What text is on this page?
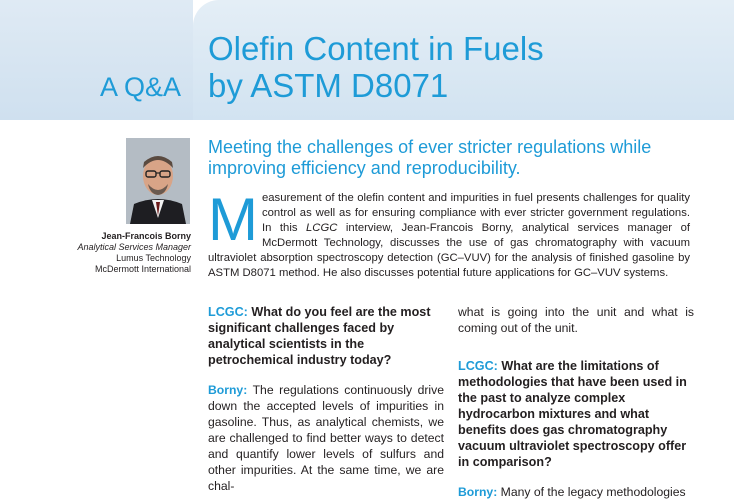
A Q&A
Olefin Content in Fuels
by ASTM D8071
Jean-Francois Borny
Analytical Services Manager
Lumus Technology
McDermott International
Meeting the challenges of ever stricter regulations while improving efficiency and reproducibility.

Measurement of the olefin content and impurities in fuel presents challenges for quality control as well as for ensuring compliance with ever stricter government regulations. In this LCGC interview, Jean-Francois Borny, analytical services manager of McDermott Technology, discusses the use of gas chromatography with vacuum ultraviolet absorption spectroscopy detection (GC–VUV) for the analysis of finished gasoline by ASTM D8071 method. He also discusses potential future applications for GC–VUV systems.

LCGC: What do you feel are the most significant challenges faced by analytical scientists in the petrochemical industry today?

Borny: The regulations continuously drive down the accepted levels of impurities in gasoline. Thus, as analytical chemists, we are challenged to find better ways to detect and quantify lower levels of sulfurs and other impurities. At the same time, we are chal-

what is going into the unit and what is coming out of the unit.

LCGC: What are the limitations of methodologies that have been used in the past to analyze complex hydrocarbon mixtures and what benefits does gas chromatography vacuum ultraviolet spectroscopy offer in comparison?

Borny: Many of the legacy methodologies
